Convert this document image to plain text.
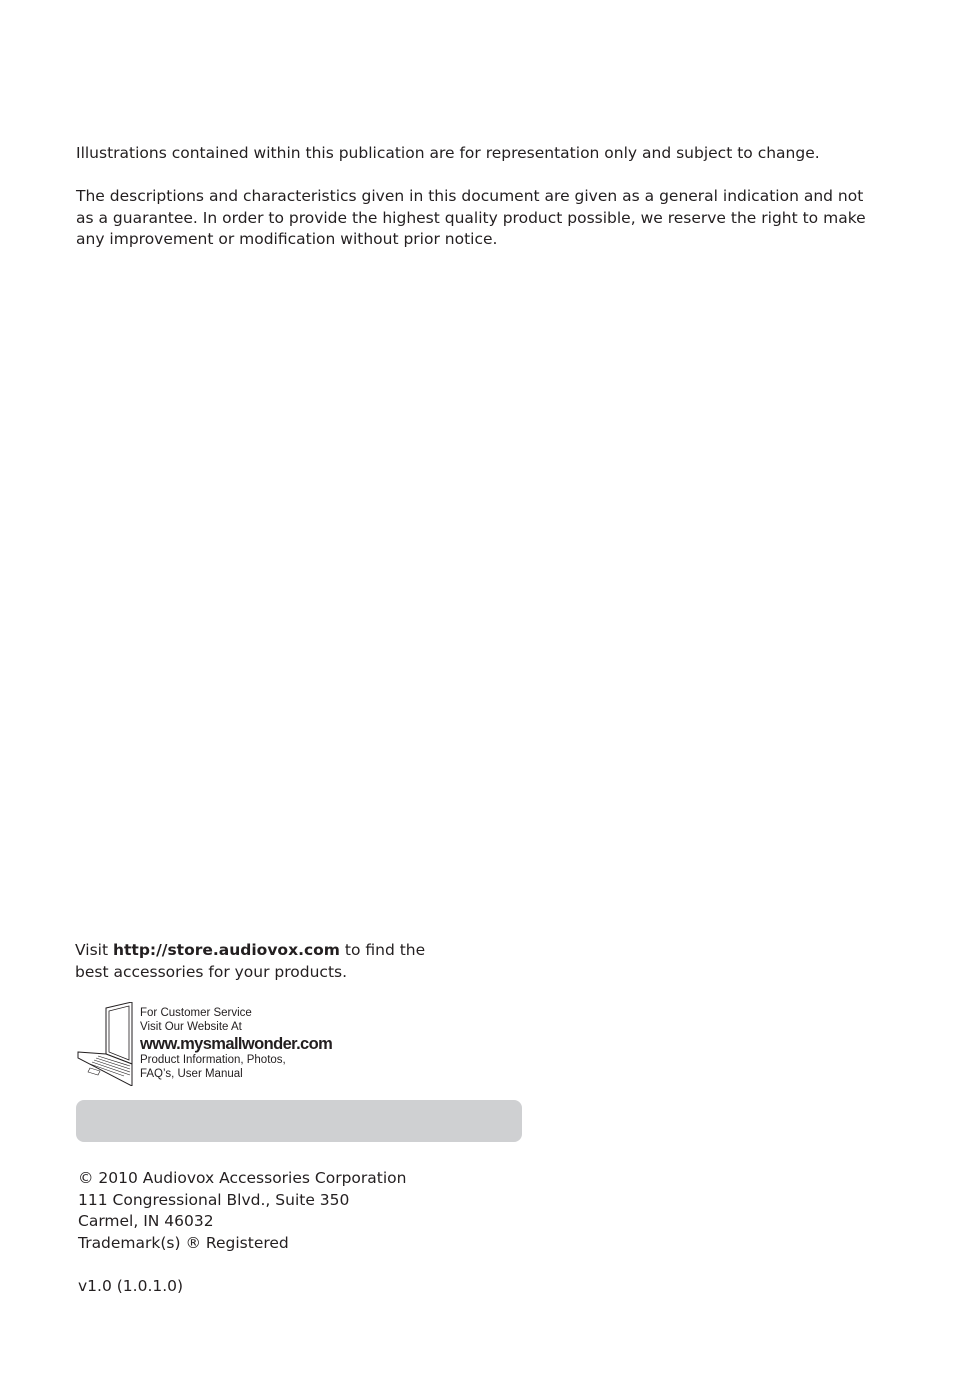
Illustrations contained within this publication are for representation only and subject to change.

The descriptions and characteristics given in this document are given as a general indication and not as a guarantee. In order to provide the highest quality product possible, we reserve the right to make any improvement or modification without prior notice.

Visit http://store.audiovox.com to find the best accessories for your products.

For Customer Service
Visit Our Website At
www.mysmallwonder.com
Product Information, Photos,
FAQ’s, User Manual
© 2010 Audiovox Accessories Corporation
111 Congressional Blvd., Suite 350
Carmel, IN 46032
Trademark(s) ® Registered

v1.0 (1.0.1.0)
